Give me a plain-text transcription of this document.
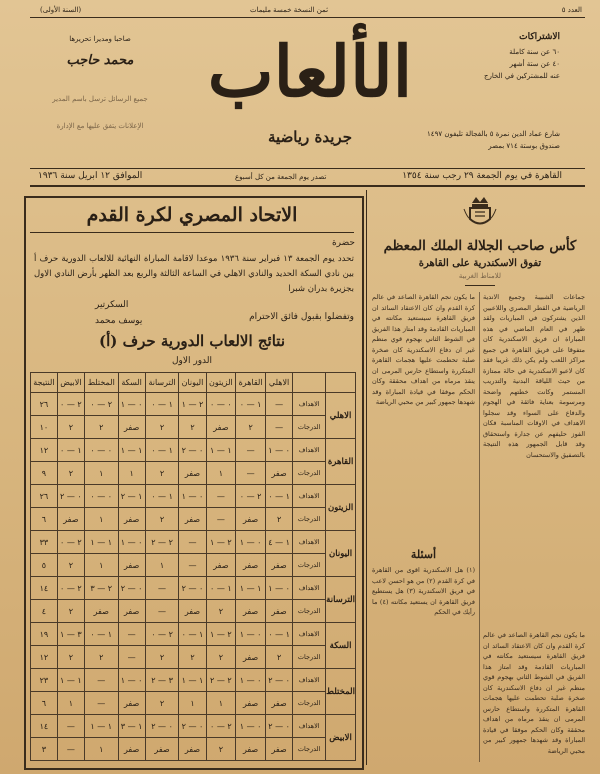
العدد ٥
ثمن النسخة خمسة مليمات
(السنة الأولى)
الألعاب
جريدة رياضية
صاحبا ومديرا تحريرها
محمد حاجب
جميع الرسائل ترسل باسم المدير
الإعلانات يتفق عليها مع الإدارة
الاشتراكات
٦٠ عن سنة كاملة
٤٠ عن ستة أشهر
عنه للمشتركين في الخارج
شارع عماد الدين نمرة ٥ بالفجالة تليفون ١٤٩٧
صندوق بوستة ٧١٤ بمصر
القاهرة في يوم الجمعة ٢٩ رجب سنة ١٣٥٤
تصدر يوم الجمعة من كل أسبوع
الموافق ١٢ ابريل سنة ١٩٣٦
كأس صاحب الجلالة الملك المعظم
تفوق الاسكندرية على القاهرة
للامناط الغربية
جماعات الشبيبة وجميع الاندية الرياضية في القطر المصري واللاعبين الذين يشتركون في المباريات ولقد ظهر في العام الماضي في هذه المباراة ان فريق الاسكندرية كان متفوقا على فريق القاهرة في جميع مراكز اللعب ولم يكن ذلك غريبا فقد كان لاعبو الاسكندرية في حالة ممتازة من حيث اللياقة البدنية والتدريب المستمر وكانت خطتهم واضحة ومرسومة بعناية فائقة في الهجوم والدفاع على السواء وقد سجلوا الاهداف في الاوقات المناسبة فكان الفوز حليفهم عن جدارة واستحقاق وقد قابل الجمهور هذه النتيجة بالتصفيق والاستحسان
ما يكون نجم القاهرة الصاعد في عالم كرة القدم وان كان الاعتقاد السائد ان فريق القاهرة سيستعيد مكانته في المباريات القادمة وقد امتاز هذا الفريق في الشوط الثاني بهجوم قوي منظم غير ان دفاع الاسكندرية كان صخرة صلبة تحطمت عليها هجمات القاهرة المتكررة واستطاع حارس المرمى ان ينقذ مرماه من اهداف محققة وكان الحكم موفقا في قيادة المباراة وقد شهدها جمهور كبير من محبي الرياضة
أسئلة
(١) هل الاسكندرية اقوى من القاهرة في كرة القدم (٢) من هو احسن لاعب في فريق الاسكندرية (٣) هل يستطيع فريق القاهرة ان يستعيد مكانته (٤) ما رأيك في الحكم
ما يكون نجم القاهرة الصاعد في عالم كرة القدم وان كان الاعتقاد السائد ان فريق القاهرة سيستعيد مكانته في المباريات القادمة وقد امتاز هذا الفريق في الشوط الثاني بهجوم قوي منظم غير ان دفاع الاسكندرية كان صخرة صلبة تحطمت عليها هجمات القاهرة المتكررة واستطاع حارس المرمى ان ينقذ مرماه من اهداف محققة وكان الحكم موفقا في قيادة المباراة وقد شهدها جمهور كبير من محبي الرياضة
الاتحاد المصري لكرة القدم
حضرة
تحدد يوم الجمعة ١٣ فبراير سنة ١٩٣٦ موعدا لاقامة المباراة النهائية للالعاب الدورية حرف أ بين نادي السكة الحديد والنادي الاهلي في الساعة الثالثة والربع بعد الظهر بأرض النادي الاول بجزيرة بدران شبرا
وتفضلوا بقبول فائق الاحترام
السكرتير
يوسف محمد
نتائج الالعاب الدورية حرف (أ)
الدور الاول
		الاهلي	القاهرة	الزيتون	اليونان	الترسانة	السكة	المختلط	الابيض	النتيجة
الاهلي	الاهداف	—	١ — ٠	٠ — ٠	٢ — ١	١ — ٠	٠ — ١	٢ — ٠	٢ — ٠	٢٦
	الدرجات	—	٢	صفر	٢	٢	صفر	٢	٢	١٠
القاهرة	الاهداف	٠ — ١	—	١ — ١	٠ — ٢	١ — ٠	١ — ١	٠ — ٠	١ — ٠	١٢
	الدرجات	صفر	—	١	صفر	٢	١	١	٢	٩
الزيتون	الاهداف	١ — ٠	٢ — ٠	—	٠ — ١	١ — ٠	١ — ٢	٠ — ٠	٠ — ٢	٢٦
	الدرجات	٢	صفر	—	صفر	٢	صفر	١	صفر	٦
اليونان	الاهداف	١ — ٤	٠ — ١	٢ — ١	—	٢ — ٢	٠ — ١	١ — ١	٢ — ٠	٣٣
	الدرجات	صفر	صفر	صفر	—	١	صفر	١	٢	٥
الترسانة	الاهداف	٠ — ١	١ — ١	١ — ٠	٠ — ٢	—	٠ — ٢	٢ — ٣	٢ — ٠	١٤
	الدرجات	صفر	صفر	٢	صفر	—	صفر	صفر	٢	٤
السكة	الاهداف	١ — ٠	٠ — ١	٢ — ١	١ — ٠	٢ — ٠	—	١ — ٠	٣ — ١	١٩
	الدرجات	٢	صفر	٢	٢	٢	—	٢	٢	١٢
المختلط	الاهداف	٠ — ٢	٠ — ١	٢ — ٢	١ — ١	٣ — ٢	٠ — ١	—	١ — ١	٢٣
	الدرجات	صفر	صفر	١	١	٢	صفر	—	١	٦
الابيض	الاهداف	٠ — ٢	٠ — ١	٢ — ٠	٠ — ٢	٠ — ٢	١ — ٣	١ — ١	—	١٤
	الدرجات	صفر	صفر	٢	صفر	صفر	صفر	١	—	٣
